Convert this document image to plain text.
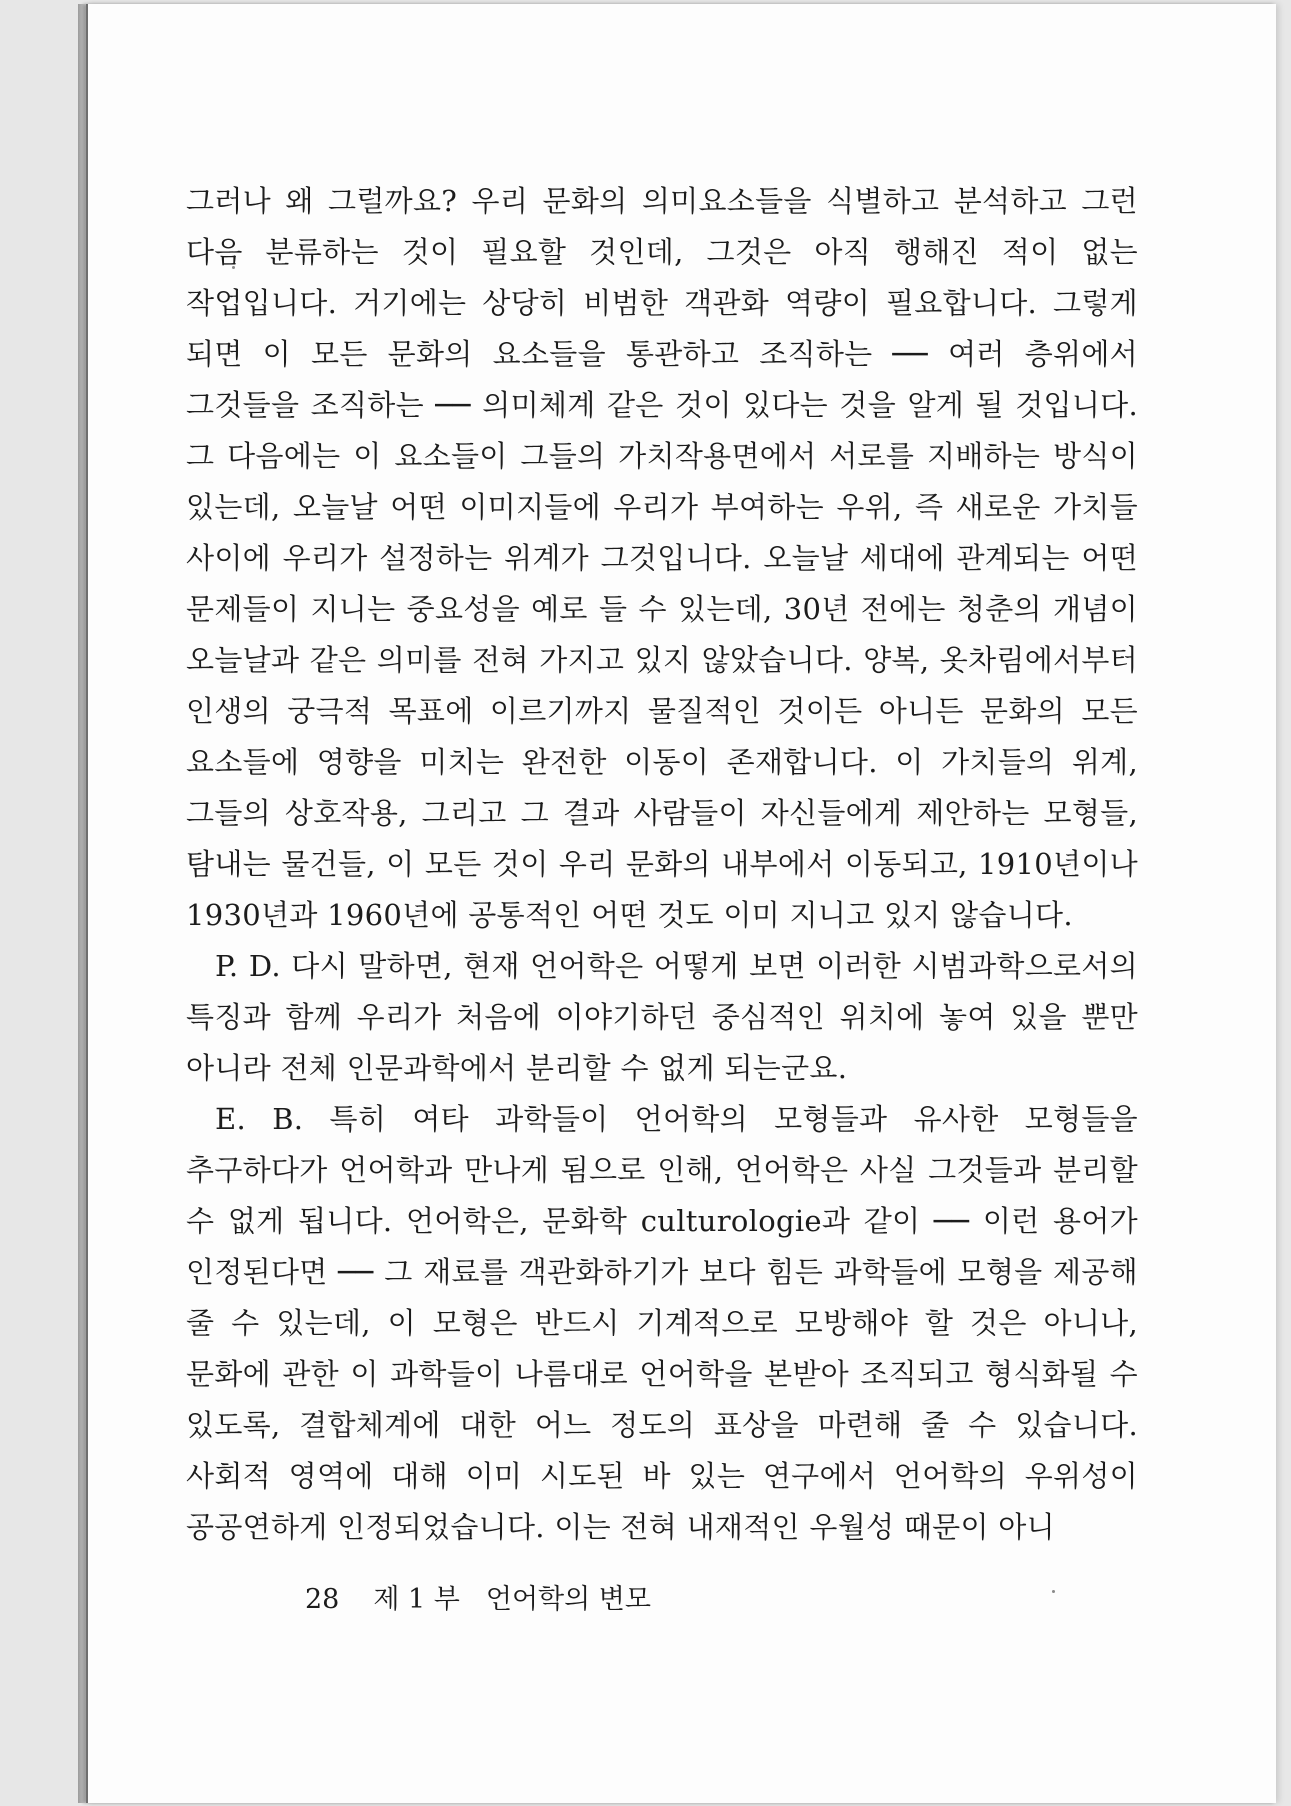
그러나 왜 그럴까요? 우리 문화의 의미요소들을 식별하고 분석하고 그런 다음 분류하는 것이 필요할 것인데, 그것은 아직 행해진 적이 없는 작업입니다. 거기에는 상당히 비범한 객관화 역량이 필요합니다. 그렇게 되면 이 모든 문화의 요소들을 통관하고 조직하는 ── 여러 층위에서 그것들을 조직하는 ── 의미체계 같은 것이 있다는 것을 알게 될 것입니다. 그 다음에는 이 요소들이 그들의 가치작용면에서 서로를 지배하는 방식이 있는데, 오늘날 어떤 이미지들에 우리가 부여하는 우위, 즉 새로운 가치들 사이에 우리가 설정하는 위계가 그것입니다. 오늘날 세대에 관계되는 어떤 문제들이 지니는 중요성을 예로 들 수 있는데, 30년 전에는 청춘의 개념이 오늘날과 같은 의미를 전혀 가지고 있지 않았습니다. 양복, 옷차림에서부터 인생의 궁극적 목표에 이르기까지 물질적인 것이든 아니든 문화의 모든 요소들에 영향을 미치는 완전한 이동이 존재합니다. 이 가치들의 위계, 그들의 상호작용, 그리고 그 결과 사람들이 자신들에게 제안하는 모형들, 탐내는 물건들, 이 모든 것이 우리 문화의 내부에서 이동되고, 1910년이나 1930년과 1960년에 공통적인 어떤 것도 이미 지니고 있지 않습니다.

P. D. 다시 말하면, 현재 언어학은 어떻게 보면 이러한 시범과학으로서의 특징과 함께 우리가 처음에 이야기하던 중심적인 위치에 놓여 있을 뿐만 아니라 전체 인문과학에서 분리할 수 없게 되는군요.

E. B. 특히 여타 과학들이 언어학의 모형들과 유사한 모형들을 추구하다가 언어학과 만나게 됨으로 인해, 언어학은 사실 그것들과 분리할 수 없게 됩니다. 언어학은, 문화학 culturologie과 같이 ── 이런 용어가 인정된다면 ── 그 재료를 객관화하기가 보다 힘든 과학들에 모형을 제공해 줄 수 있는데, 이 모형은 반드시 기계적으로 모방해야 할 것은 아니나, 문화에 관한 이 과학들이 나름대로 언어학을 본받아 조직되고 형식화될 수 있도록, 결합체계에 대한 어느 정도의 표상을 마련해 줄 수 있습니다. 사회적 영역에 대해 이미 시도된 바 있는 연구에서 언어학의 우위성이 공공연하게 인정되었습니다. 이는 전혀 내재적인 우월성 때문이 아니

28 제 1 부 언어학의 변모
